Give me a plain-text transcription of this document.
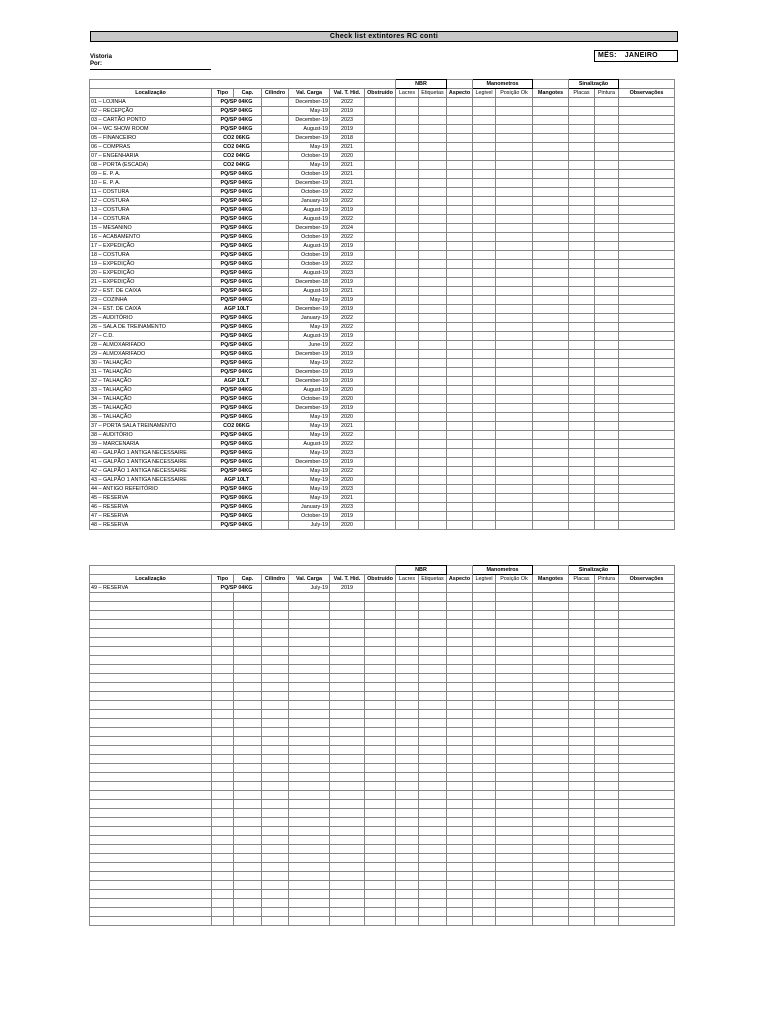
Check list extintores RC conti
Vistoria
Por:
MÊS: JANEIRO
							NBR			Manometros			Sinalização		
Localização	Tipo	Cap.	Cilindro	Val. Carga	Val. T. Hid.	Obstruído	Lacres	Etiquetas	Aspecto	Legivel	Posição Ok	Mangotes	Placas	Pintura	Observações
01 – LOJINHA	PQ/SP 04KG			December-19	2022										
02 – RECEPÇÃO	PQ/SP 04KG			May-19	2019										
03 – CARTÃO PONTO	PQ/SP 04KG			December-19	2023										
04 – WC SHOW ROOM	PQ/SP 04KG			August-19	2019										
05 – FINANCEIRO	CO2 06KG			December-19	2018										
06 – COMPRAS	CO2 04KG			May-19	2021										
07 – ENGENHARIA	CO2 04KG			October-19	2020										
08 – PORTA (ESCADA)	CO2 04KG			May-19	2021										
09 – E. P. A.	PQ/SP 04KG			October-19	2021										
10 – E. P. A.	PQ/SP 04KG			December-19	2021										
11 – COSTURA	PQ/SP 04KG			October-19	2022										
12 – COSTURA	PQ/SP 04KG			January-19	2022										
13 – COSTURA	PQ/SP 04KG			August-19	2019										
14 – COSTURA	PQ/SP 04KG			August-19	2022										
15 – MESANINO	PQ/SP 04KG			December-19	2024										
16 – ACABAMENTO	PQ/SP 04KG			October-19	2022										
17 – EXPEDIÇÃO	PQ/SP 04KG			August-19	2019										
18 – COSTURA	PQ/SP 04KG			October-19	2019										
19 – EXPEDIÇÃO	PQ/SP 04KG			October-19	2022										
20 – EXPEDIÇÃO	PQ/SP 04KG			August-19	2023										
21 – EXPEDIÇÃO	PQ/SP 04KG			December-18	2019										
22 – EST. DE CAIXA	PQ/SP 04KG			August-19	2021										
23 – COZINHA	PQ/SP 04KG			May-19	2019										
24 – EST. DE CAIXA	AGP 10LT			December-19	2019										
25 – AUDITÓRIO	PQ/SP 04KG			January-19	2022										
26 – SALA DE TREINAMENTO	PQ/SP 04KG			May-19	2022										
27 – C.D.	PQ/SP 04KG			August-19	2019										
28 – ALMOXARIFADO	PQ/SP 04KG			June-19	2022										
29 – ALMOXARIFADO	PQ/SP 04KG			December-19	2019										
30 – TALHAÇÃO	PQ/SP 04KG			May-19	2022										
31 – TALHAÇÃO	PQ/SP 04KG			December-19	2019										
32 – TALHAÇÃO	AGP 10LT			December-19	2019										
33 – TALHAÇÃO	PQ/SP 04KG			August-19	2020										
34 – TALHAÇÃO	PQ/SP 04KG			October-19	2020										
35 – TALHAÇÃO	PQ/SP 04KG			December-19	2019										
36 – TALHAÇÃO	PQ/SP 04KG			May-19	2020										
37 – PORTA SALA TREINAMENTO	CO2 06KG			May-19	2021										
38 – AUDITÓRIO	PQ/SP 04KG			May-19	2022										
39 – MARCENARIA	PQ/SP 04KG			August-19	2022										
40 – GALPÃO 1 ANTIGA NECESSAIRE	PQ/SP 04KG			May-19	2023										
41 – GALPÃO 1 ANTIGA NECESSAIRE	PQ/SP 04KG			December-19	2019										
42 – GALPÃO 1 ANTIGA NECESSAIRE	PQ/SP 04KG			May-19	2022										
43 – GALPÃO 1 ANTIGA NECESSAIRE	AGP 10LT			May-19	2020										
44 – ANTIGO REFEITÓRIO	PQ/SP 04KG			May-19	2023										
45 – RESERVA	PQ/SP 06KG			May-19	2021										
46 – RESERVA	PQ/SP 04KG			January-19	2023										
47 – RESERVA	PQ/SP 04KG			October-19	2019										
48 – RESERVA	PQ/SP 04KG			July-19	2020										
							NBR			Manometros			Sinalização		
Localização	Tipo	Cap.	Cilindro	Val. Carga	Val. T. Hid.	Obstruído	Lacres	Etiquetas	Aspecto	Legivel	Posição Ok	Mangotes	Placas	Pintura	Observações
49 – RESERVA	PQ/SP 04KG			July-19	2019										
